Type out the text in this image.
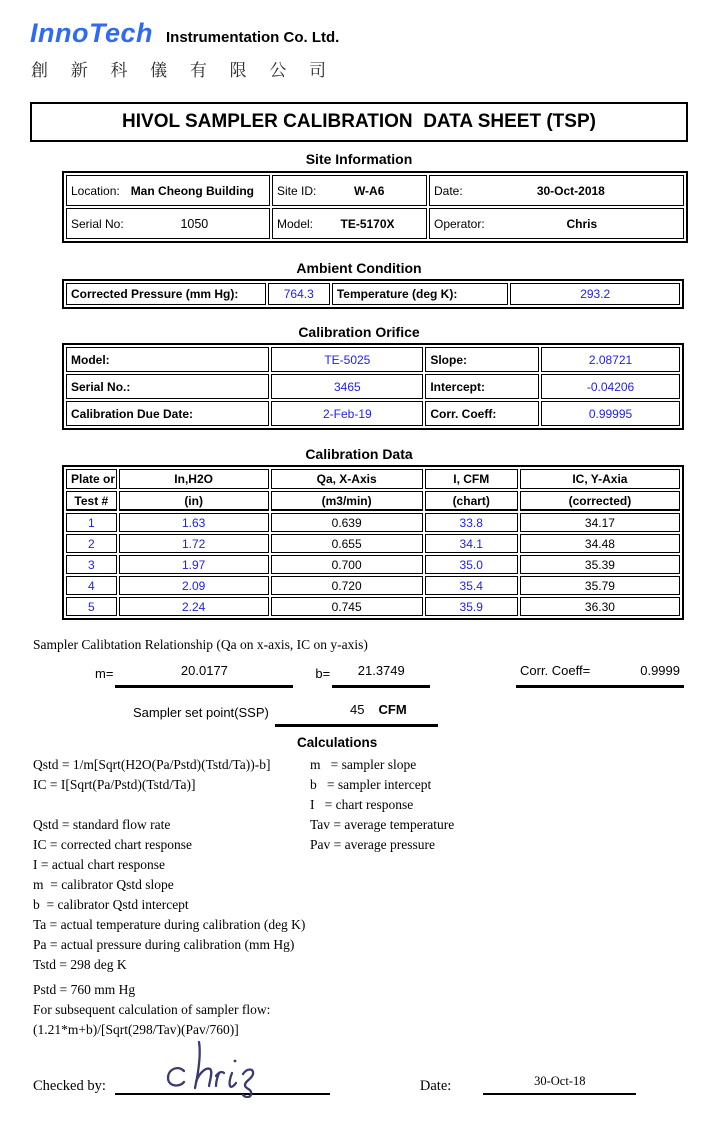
InnoTech Instrumentation Co. Ltd.
創 新 科 儀 有 限 公 司
HIVOL SAMPLER CALIBRATION  DATA SHEET (TSP)
Site Information
Location: Man Cheong Building	Site ID: W-A6	Date: 30-Oct-2018

Serial No: 1050	Model: TE-5170X	Operator: Chris
Ambient Condition
Corrected Pressure (mm Hg):	764.3	Temperature (deg K):	293.2
Calibration Orifice
Model:	TE-5025	Slope:	2.08721
Serial No.:	3465	Intercept:	-0.04206
Calibration Due Date:	2-Feb-19	Corr. Coeff:	0.99995
Calibration Data
Plate or	In,H2O	Qa, X-Axis	I, CFM	IC, Y-Axia
Test #	(in)	(m3/min)	(chart)	(corrected)
1	1.63	0.639	33.8	34.17
2	1.72	0.655	34.1	34.48
3	1.97	0.700	35.0	35.39
4	2.09	0.720	35.4	35.79
5	2.24	0.745	35.9	36.30
Sampler Calibtation Relationship (Qa on x-axis, IC on y-axis)
m=	20.0177	b=	21.3749	Corr. Coeff=	0.9999
Sampler set point(SSP)	45 CFM
Calculations
Qstd = 1/m[Sqrt(H2O(Pa/Pstd)(Tstd/Ta))-b]
IC = I[Sqrt(Pa/Pstd)(Tstd/Ta)]
Qstd = standard flow rate
IC = corrected chart response
I = actual chart response
m  = calibrator Qstd slope
b  = calibrator Qstd intercept
Ta = actual temperature during calibration (deg K)
Pa = actual pressure during calibration (mm Hg)
Tstd = 298 deg K
Pstd = 760 mm Hg
For subsequent calculation of sampler flow:
(1.21*m+b)/[Sqrt(298/Tav)(Pav/760)]
m   = sampler slope
b   = sampler intercept
I   = chart response
Tav = average temperature
Pav = average pressure
Checked by:	Date:	30-Oct-18
